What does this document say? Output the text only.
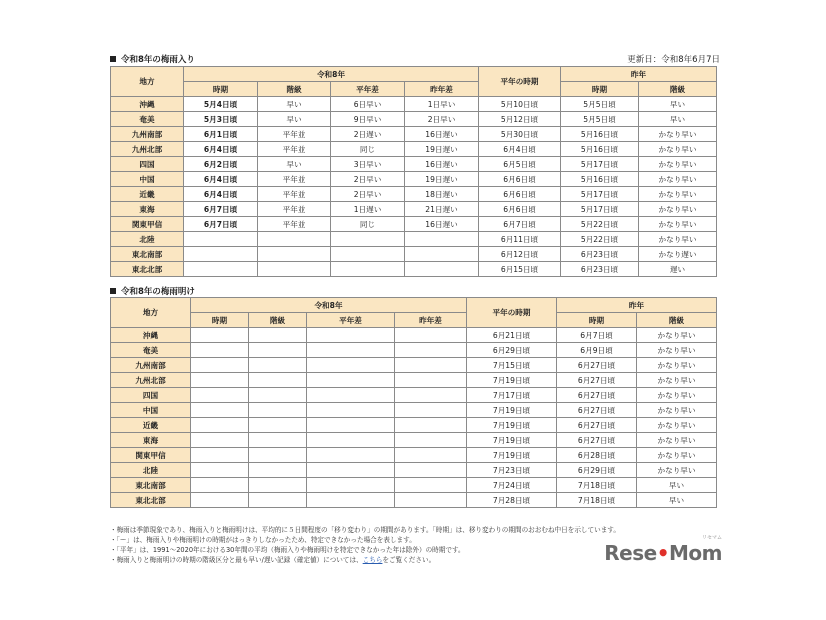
令和8年の梅雨入り	更新日：令和8年6月7日
地方	令和8年				平年の時期	昨年	
	時期	階級	平年差	昨年差		時期	階級
沖縄	5月4日頃	早い	6日早い	1日早い	5月10日頃	5月5日頃	早い
奄美	5月3日頃	早い	9日早い	2日早い	5月12日頃	5月5日頃	早い
九州南部	6月1日頃	平年並	2日遅い	16日遅い	5月30日頃	5月16日頃	かなり早い
九州北部	6月4日頃	平年並	同じ	19日遅い	6月4日頃	5月16日頃	かなり早い
四国	6月2日頃	早い	3日早い	16日遅い	6月5日頃	5月17日頃	かなり早い
中国	6月4日頃	平年並	2日早い	19日遅い	6月6日頃	5月16日頃	かなり早い
近畿	6月4日頃	平年並	2日早い	18日遅い	6月6日頃	5月17日頃	かなり早い
東海	6月7日頃	平年並	1日遅い	21日遅い	6月6日頃	5月17日頃	かなり早い
関東甲信	6月7日頃	平年並	同じ	16日遅い	6月7日頃	5月22日頃	かなり早い
北陸					6月11日頃	5月22日頃	かなり早い
東北南部					6月12日頃	6月23日頃	かなり遅い
東北北部					6月15日頃	6月23日頃	遅い
令和8年の梅雨明け
地方	令和8年				平年の時期	昨年	
	時期	階級	平年差	昨年差		時期	階級
沖縄					6月21日頃	6月7日頃	かなり早い
奄美					6月29日頃	6月9日頃	かなり早い
九州南部					7月15日頃	6月27日頃	かなり早い
九州北部					7月19日頃	6月27日頃	かなり早い
四国					7月17日頃	6月27日頃	かなり早い
中国					7月19日頃	6月27日頃	かなり早い
近畿					7月19日頃	6月27日頃	かなり早い
東海					7月19日頃	6月27日頃	かなり早い
関東甲信					7月19日頃	6月28日頃	かなり早い
北陸					7月23日頃	6月29日頃	かなり早い
東北南部					7月24日頃	7月18日頃	早い
東北北部					7月28日頃	7月18日頃	早い
・梅雨は季節現象であり、梅雨入りと梅雨明けは、平均的に５日間程度の「移り変わり」の期間があります。「時期」は、移り変わりの期間のおおむね中日を示しています。
・「ー」は、梅雨入りや梅雨明けの時期がはっきりしなかったため、特定できなかった場合を表します。
・「平年」は、1991～2020年における30年間の平均（梅雨入りや梅雨明けを特定できなかった年は除外）の時期です。
・梅雨入りと梅雨明けの時期の階級区分と最も早い/遅い記録（確定値）については、こちらをご覧ください。
リセマム
Rese•Mom
